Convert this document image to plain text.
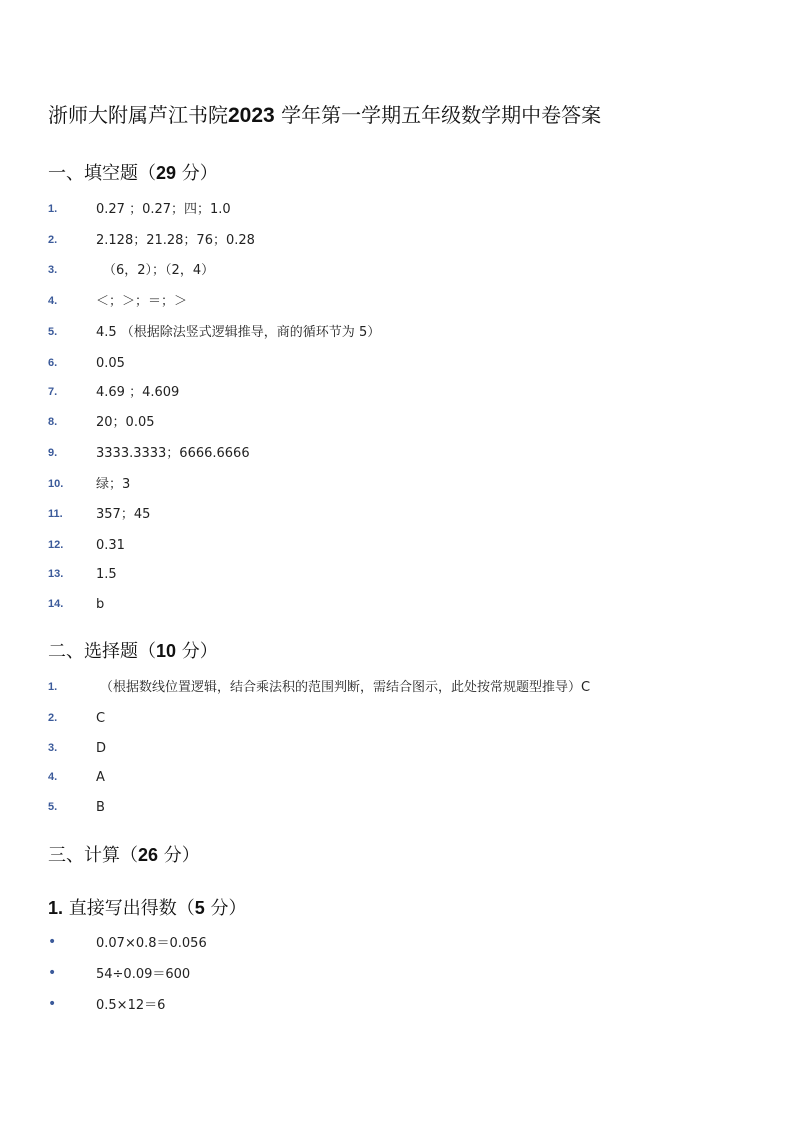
浙师大附属芦江书院2023 学年第一学期五年级数学期中卷答案
一、填空题（29 分）
1.	0.27 ；0.27；四；1.0
2.	2.128；21.28；76；0.28
3.	（6，2）；（2，4）
4.	＜；＞；＝；＞
5.	4.5 （根据除法竖式逻辑推导，商的循环节为 5）
6.	0.05
7.	4.69 ；4.609
8.	20；0.05
9.	3333.3333；6666.6666
10.	绿；3
11.	357；45
12.	0.31
13.	1.5
14.	b
二、选择题（10 分）
1.	（根据数线位置逻辑，结合乘法积的范围判断，需结合图示，此处按常规题型推导）C
2.	C
3.	D
4.	A
5.	B
三、计算（26 分）
1. 直接写出得数（5 分）
•	0.07×0.8＝0.056
•	54÷0.09＝600
•	0.5×12＝6
